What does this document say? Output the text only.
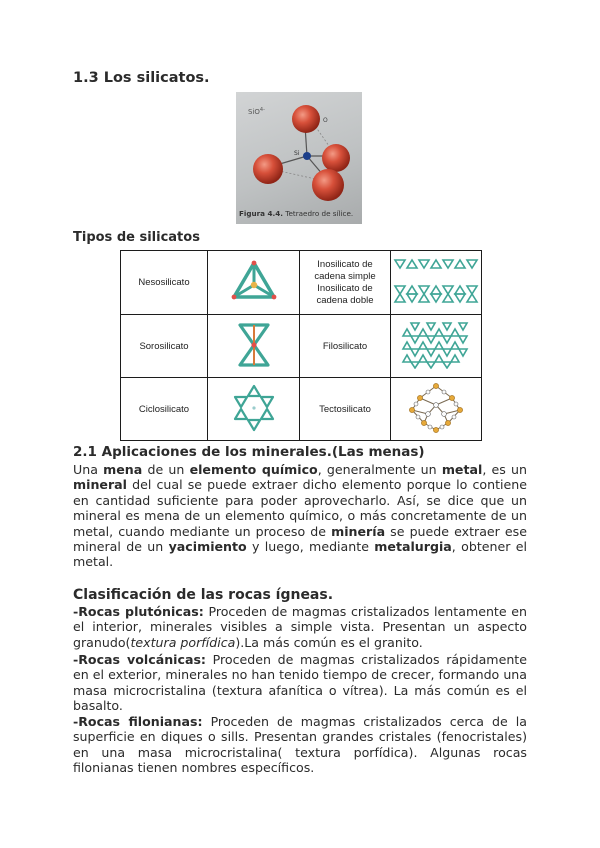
1.3 Los silicatos.
SiO$^{4-}$
O
Si
Figura 4.4. Tetraedro de sílice.
Tipos de silicatos
Nesosilicato		Inosilicato de cadena simple
Inosilicato de cadena doble

Sorosilicato		Filosilicato	
Ciclosilicato		Tectosilicato	
2.1 Aplicaciones de los minerales.(Las menas)

Una mena de un elemento químico, generalmente un metal, es un mineral del cual se puede extraer dicho elemento porque lo contiene en cantidad suficiente para poder aprovecharlo. Así, se dice que un mineral es mena de un elemento químico, o más concretamente de un metal, cuando mediante un proceso de minería se puede extraer ese mineral de un yacimiento y luego, mediante metalurgia, obtener el metal.

Clasificación de las rocas ígneas.

-Rocas plutónicas: Proceden de magmas cristalizados lentamente en el interior, minerales visibles a simple vista. Presentan un aspecto granudo(textura porfídica).La más común es el granito.

-Rocas volcánicas: Proceden de magmas cristalizados rápidamente en el exterior, minerales no han tenido tiempo de crecer, formando una masa microcristalina (textura afanítica o vítrea). La más común es el basalto.

-Rocas filonianas: Proceden de magmas cristalizados cerca de la superficie en diques o sills. Presentan grandes cristales (fenocristales) en una masa microcristalina( textura porfídica). Algunas rocas filonianas tienen nombres específicos.
